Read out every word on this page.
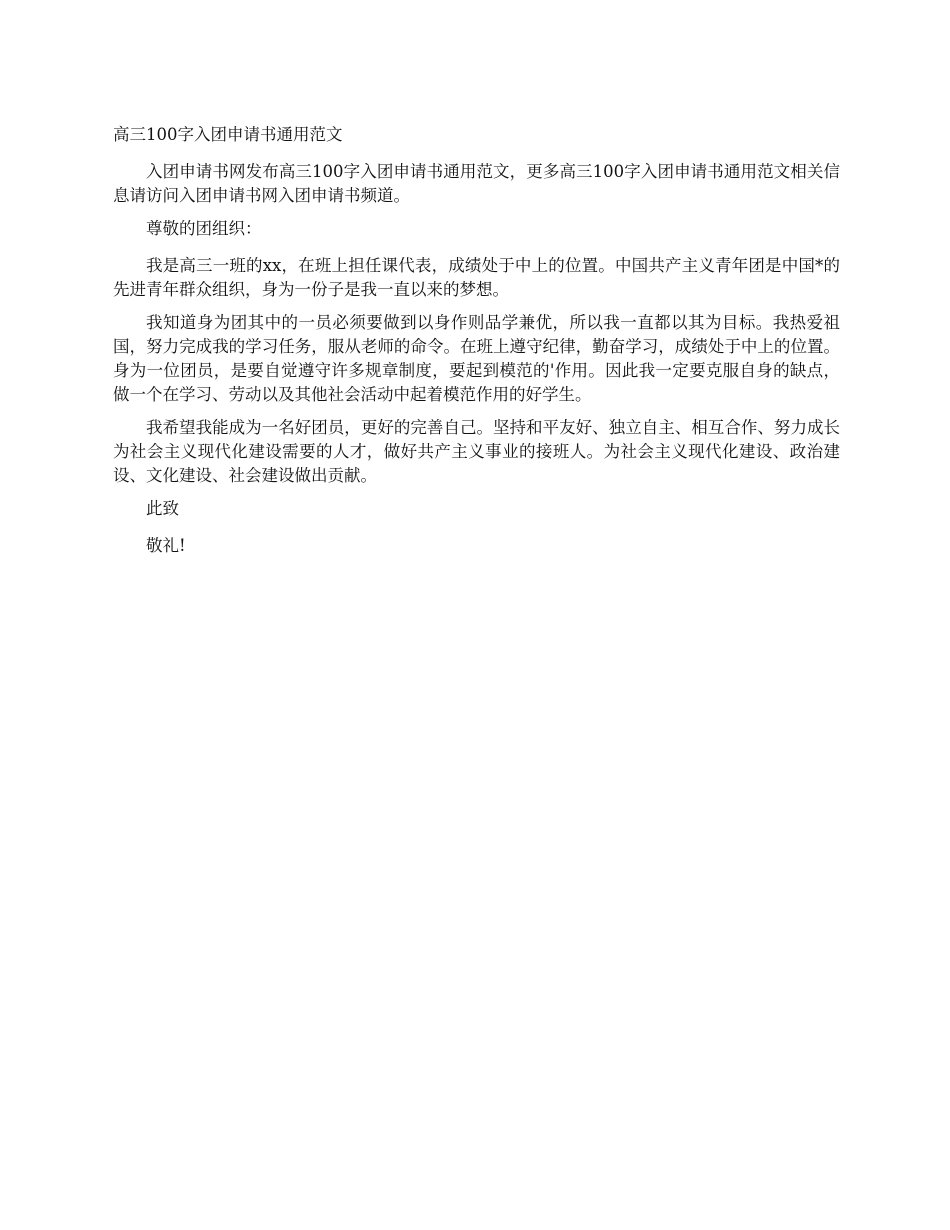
高三100字入团申请书通用范文

入团申请书网发布高三100字入团申请书通用范文，更多高三100字入团申请书通用范文相关信息请访问入团申请书网入团申请书频道。

尊敬的团组织：

我是高三一班的xx，在班上担任课代表，成绩处于中上的位置。中国共产主义青年团是中国*的先进青年群众组织，身为一份子是我一直以来的梦想。

我知道身为团其中的一员必须要做到以身作则品学兼优，所以我一直都以其为目标。我热爱祖国，努力完成我的学习任务，服从老师的命令。在班上遵守纪律，勤奋学习，成绩处于中上的位置。身为一位团员，是要自觉遵守许多规章制度，要起到模范的'作用。因此我一定要克服自身的缺点，做一个在学习、劳动以及其他社会活动中起着模范作用的好学生。

我希望我能成为一名好团员，更好的完善自己。坚持和平友好、独立自主、相互合作、努力成长为社会主义现代化建设需要的人才，做好共产主义事业的接班人。为社会主义现代化建设、政治建设、文化建设、社会建设做出贡献。

此致

敬礼!
